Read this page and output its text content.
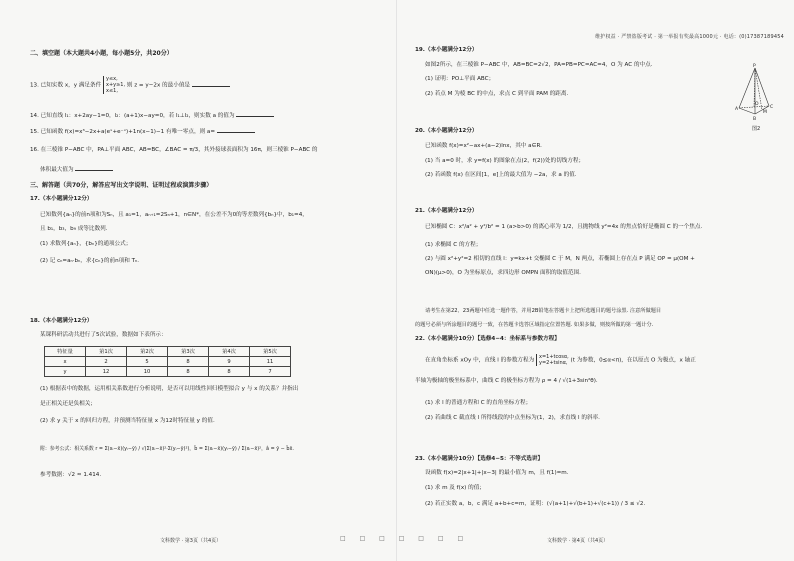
二、填空题（本大题共4小题，每小题5分，共20分）
13. 已知实数 x，y 满足条件 y≤x,
x+y≥1,
x≤1, 则 z = y−2x 的最小值是
14. 已知直线 l₁：x+2ay−1=0，l₂：(a+1)x−ay=0，若 l₁⊥l₂，则实数 a 的值为
15. 已知函数 f(x)=x³−2x+a(eˣ+e⁻ˣ)+1n(x−1)−1 有唯一零点，则 a=
16. 在三棱锥 P−ABC 中，PA⊥平面 ABC，AB=BC，∠BAC = π/3，其外接球表面积为 16π，则三棱锥 P−ABC 的
体积最大值为
三、解答题（共70分，解答应写出文字说明、证明过程或演算步骤）
17.（本小题满分12分）
已知数列{aₙ}的前n项和为Sₙ，且 a₁=1，aₙ₊₁=2Sₙ+1，n∈N*，在公差不为0的等差数列{bₙ}中，b₁=4，
且 b₁，b₃，b₉ 成等比数列.
(1) 求数列{aₙ}，{bₙ}的通项公式；
(2) 记 cₙ=aₙ·bₙ，求{cₙ}的前n项和 Tₙ.
18.（本小题满分12分）
某课科研活动共进行了5次试验，数据如下表所示：
特征量	第1次	第2次	第3次	第4次	第5次
x	2	5	8	9	11
y	12	10	8	8	7
(1) 根据表中的数据，运用相关系数进行分析说明，是否可以用线性回归模型拟合 y 与 x 的关系？并指出
是正相关还是负相关；
(2) 求 y 关于 x 的回归方程，并预测当特征量 x 为12时特征量 y 的值.
附：参考公式：相关系数 r = Σ(xᵢ−x̄)(yᵢ−ȳ) / √(Σ(xᵢ−x̄)²·Σ(yᵢ−ȳ)²)，b̂ = Σ(xᵢ−x̄)(yᵢ−ȳ) / Σ(xᵢ−x̄)²，â = ȳ − b̂x̄.
参考数据：√2 ≈ 1.414.
文科数学 · 第3页（共4页）	□ □ □ □ □ □ □
维护权益 · 严禁盗版考试 · 第一举报有奖最高1000元 · 电话：(0)17387189454
19.（本小题满分12分）
如图2所示，在三棱锥 P−ABC 中，AB=BC=2√2，PA=PB=PC=AC=4，O 为 AC 的中点.
(1) 证明：PO⊥平面 ABC；
(2) 若点 M 为棱 BC 的中点，求点 C 到平面 PAM 的距离.
P
A	C
B
O
M
图2
20.（本小题满分12分）
已知函数 f(x)=x²−ax+(a−2)lnx，其中 a∈R.
(1) 当 a=0 时，求 y=f(x) 的图象在点(2，f(2))处的切线方程；
(2) 若函数 f(x) 在区间[1，e]上的最大值为 −2a，求 a 的值.
21.（本小题满分12分）
已知椭圆 C：x²/a² + y²/b² = 1 (a>b>0) 的离心率为 1/2，且抛物线 y²=4x 的焦点恰好是椭圆 C 的一个焦点.
(1) 求椭圆 C 的方程；
(2) 与圆 x²+y²=2 相切的直线 l：y=kx+t 交椭圆 C 于 M，N 两点，若椭圆上存在点 P 满足 OP = μ(OM +
ON)(μ>0)，O 为坐标原点，求四边形 OMPN 面积的取值范围.
请考生在第22、23两题中任选一题作答，并用2B铅笔在答题卡上把所选题目的题号涂黑. 注意所做题目
的题号必须与所涂题目的题号一致，在答题卡选答区域指定位置答题. 如果多做，则按所做的第一题计分.
22.（本小题满分10分）【选修4−4：坐标系与参数方程】
在直角坐标系 xOy 中，直线 l 的参数方程为 x=1+tcosα,
y=2+tsinα, (t 为参数，0≤α<π)，在以原点 O 为极点，x 轴正
半轴为极轴的极坐标系中，曲线 C 的极坐标方程为 ρ = 4 / √(1+3sin²θ).
(1) 求 l 的普通方程和 C 的直角坐标方程；
(2) 若曲线 C 截直线 l 所得线段的中点坐标为(1，2)，求直线 l 的斜率.
23.（本小题满分10分）【选修4−5：不等式选讲】
设函数 f(x)=2|x+1|+|x−3| 的最小值为 m，且 f(1)=m.
(1) 求 m 及 f(x) 的值；
(2) 若正实数 a，b，c 满足 a+b+c=m，证明：(√(a+1)+√(b+1)+√(c+1)) / 3 ≤ √2.
文科数学 · 第4页（共4页）
